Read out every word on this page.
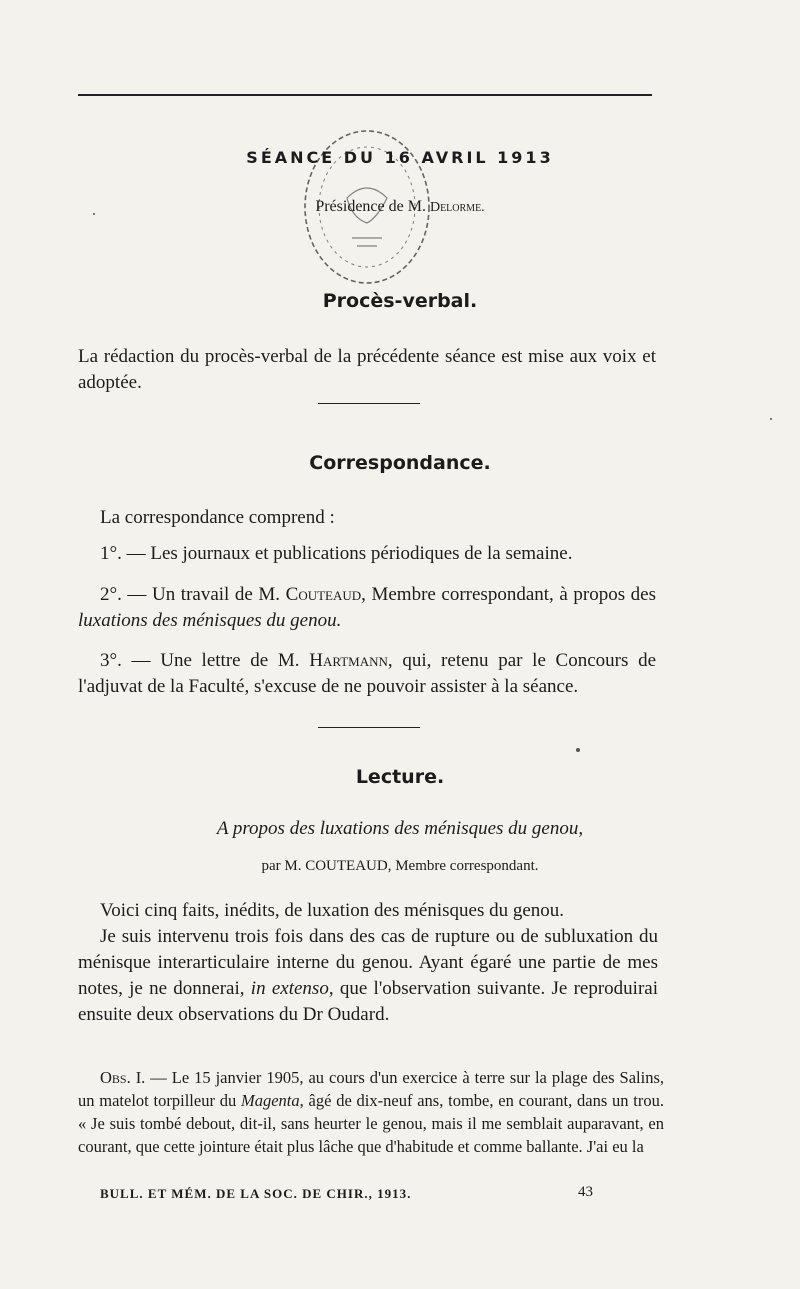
SÉANCE DU 16 AVRIL 1913
Présidence de M. Delorme.
Procès-verbal.
La rédaction du procès-verbal de la précédente séance est mise aux voix et adoptée.
Correspondance.
La correspondance comprend :
1°. — Les journaux et publications périodiques de la semaine.
2°. — Un travail de M. Couteaud, Membre correspondant, à propos des luxations des ménisques du genou.
3°. — Une lettre de M. Hartmann, qui, retenu par le Concours de l'adjuvat de la Faculté, s'excuse de ne pouvoir assister à la séance.
Lecture.
A propos des luxations des ménisques du genou,
par M. COUTEAUD, Membre correspondant.
Voici cinq faits, inédits, de luxation des ménisques du genou.
Je suis intervenu trois fois dans des cas de rupture ou de subluxation du ménisque interarticulaire interne du genou. Ayant égaré une partie de mes notes, je ne donnerai, in extenso, que l'observation suivante. Je reproduirai ensuite deux observations du Dr Oudard.
Obs. I. — Le 15 janvier 1905, au cours d'un exercice à terre sur la plage des Salins, un matelot torpilleur du Magenta, âgé de dix-neuf ans, tombe, en courant, dans un trou. « Je suis tombé debout, dit-il, sans heurter le genou, mais il me semblait auparavant, en courant, que cette jointure était plus lâche que d'habitude et comme ballante. J'ai eu la
BULL. ET MÉM. DE LA SOC. DE CHIR., 1913.	43
